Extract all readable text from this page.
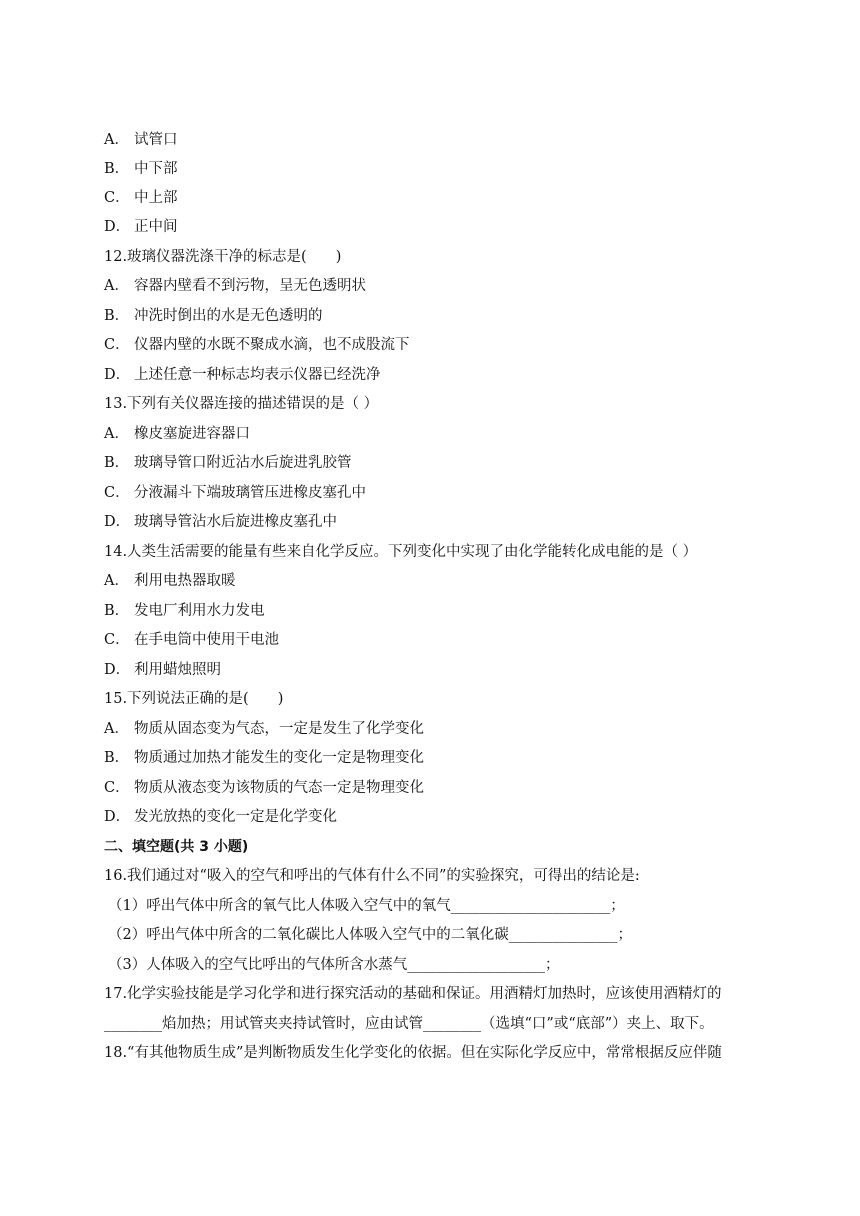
A． 试管口
B． 中下部
C． 中上部
D． 正中间
12.玻璃仪器洗涤干净的标志是(　　)
A． 容器内壁看不到污物，呈无色透明状
B． 冲洗时倒出的水是无色透明的
C． 仪器内壁的水既不聚成水滴，也不成股流下
D． 上述任意一种标志均表示仪器已经洗净
13.下列有关仪器连接的描述错误的是（ ）
A． 橡皮塞旋进容器口
B． 玻璃导管口附近沾水后旋进乳胶管
C． 分液漏斗下端玻璃管压进橡皮塞孔中
D． 玻璃导管沾水后旋进橡皮塞孔中
14.人类生活需要的能量有些来自化学反应。下列变化中实现了由化学能转化成电能的是（ ）
A． 利用电热器取暖
B． 发电厂利用水力发电
C． 在手电筒中使用干电池
D． 利用蜡烛照明
15.下列说法正确的是(　　)
A． 物质从固态变为气态，一定是发生了化学变化
B． 物质通过加热才能发生的变化一定是物理变化
C． 物质从液态变为该物质的气态一定是物理变化
D． 发光放热的变化一定是化学变化
二、填空题(共 3 小题)
16.我们通过对“吸入的空气和呼出的气体有什么不同”的实验探究，可得出的结论是:
（1）呼出气体中所含的氧气比人体吸入空气中的氧气______________________；
（2）呼出气体中所含的二氧化碳比人体吸入空气中的二氧化碳_______________；
（3）人体吸入的空气比呼出的气体所含水蒸气___________________；
17.化学实验技能是学习化学和进行探究活动的基础和保证。用酒精灯加热时，应该使用酒精灯的
________焰加热；用试管夹夹持试管时，应由试管________（选填“口”或“底部”）夹上、取下。
18.“有其他物质生成”是判断物质发生化学变化的依据。但在实际化学反应中，常常根据反应伴随
